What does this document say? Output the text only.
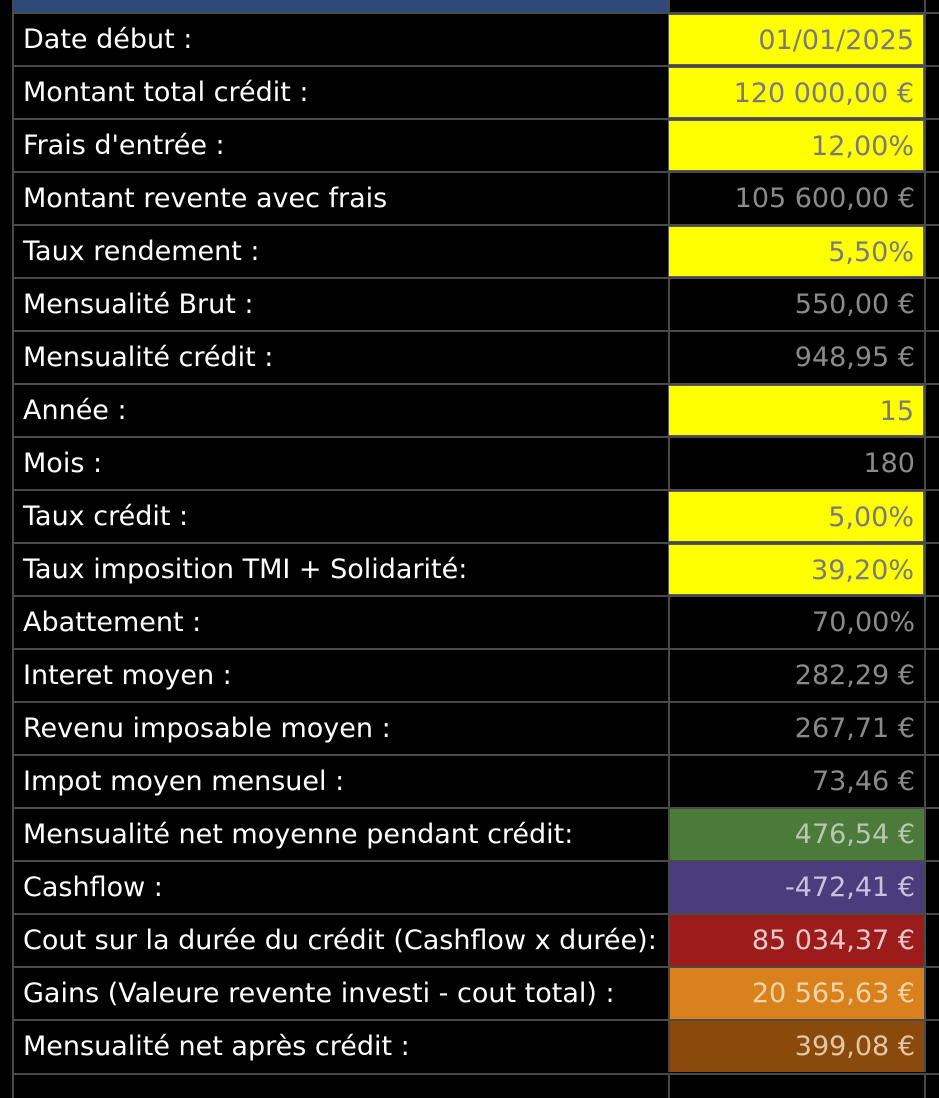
Date début :	01/01/2025
Montant total crédit :	120 000,00 €
Frais d'entrée :	12,00%
Montant revente avec frais	105 600,00 €
Taux rendement :	5,50%
Mensualité Brut :	550,00 €
Mensualité crédit :	948,95 €
Année :	15
Mois :	180
Taux crédit :	5,00%
Taux imposition TMI + Solidarité:	39,20%
Abattement :	70,00%
Interet moyen :	282,29 €
Revenu imposable moyen :	267,71 €
Impot moyen mensuel :	73,46 €
Mensualité net moyenne pendant crédit:	476,54 €
Cashflow :	-472,41 €
Cout sur la durée du crédit (Cashflow x durée):	85 034,37 €
Gains (Valeure revente investi - cout total) :	20 565,63 €
Mensualité net après crédit :	399,08 €
